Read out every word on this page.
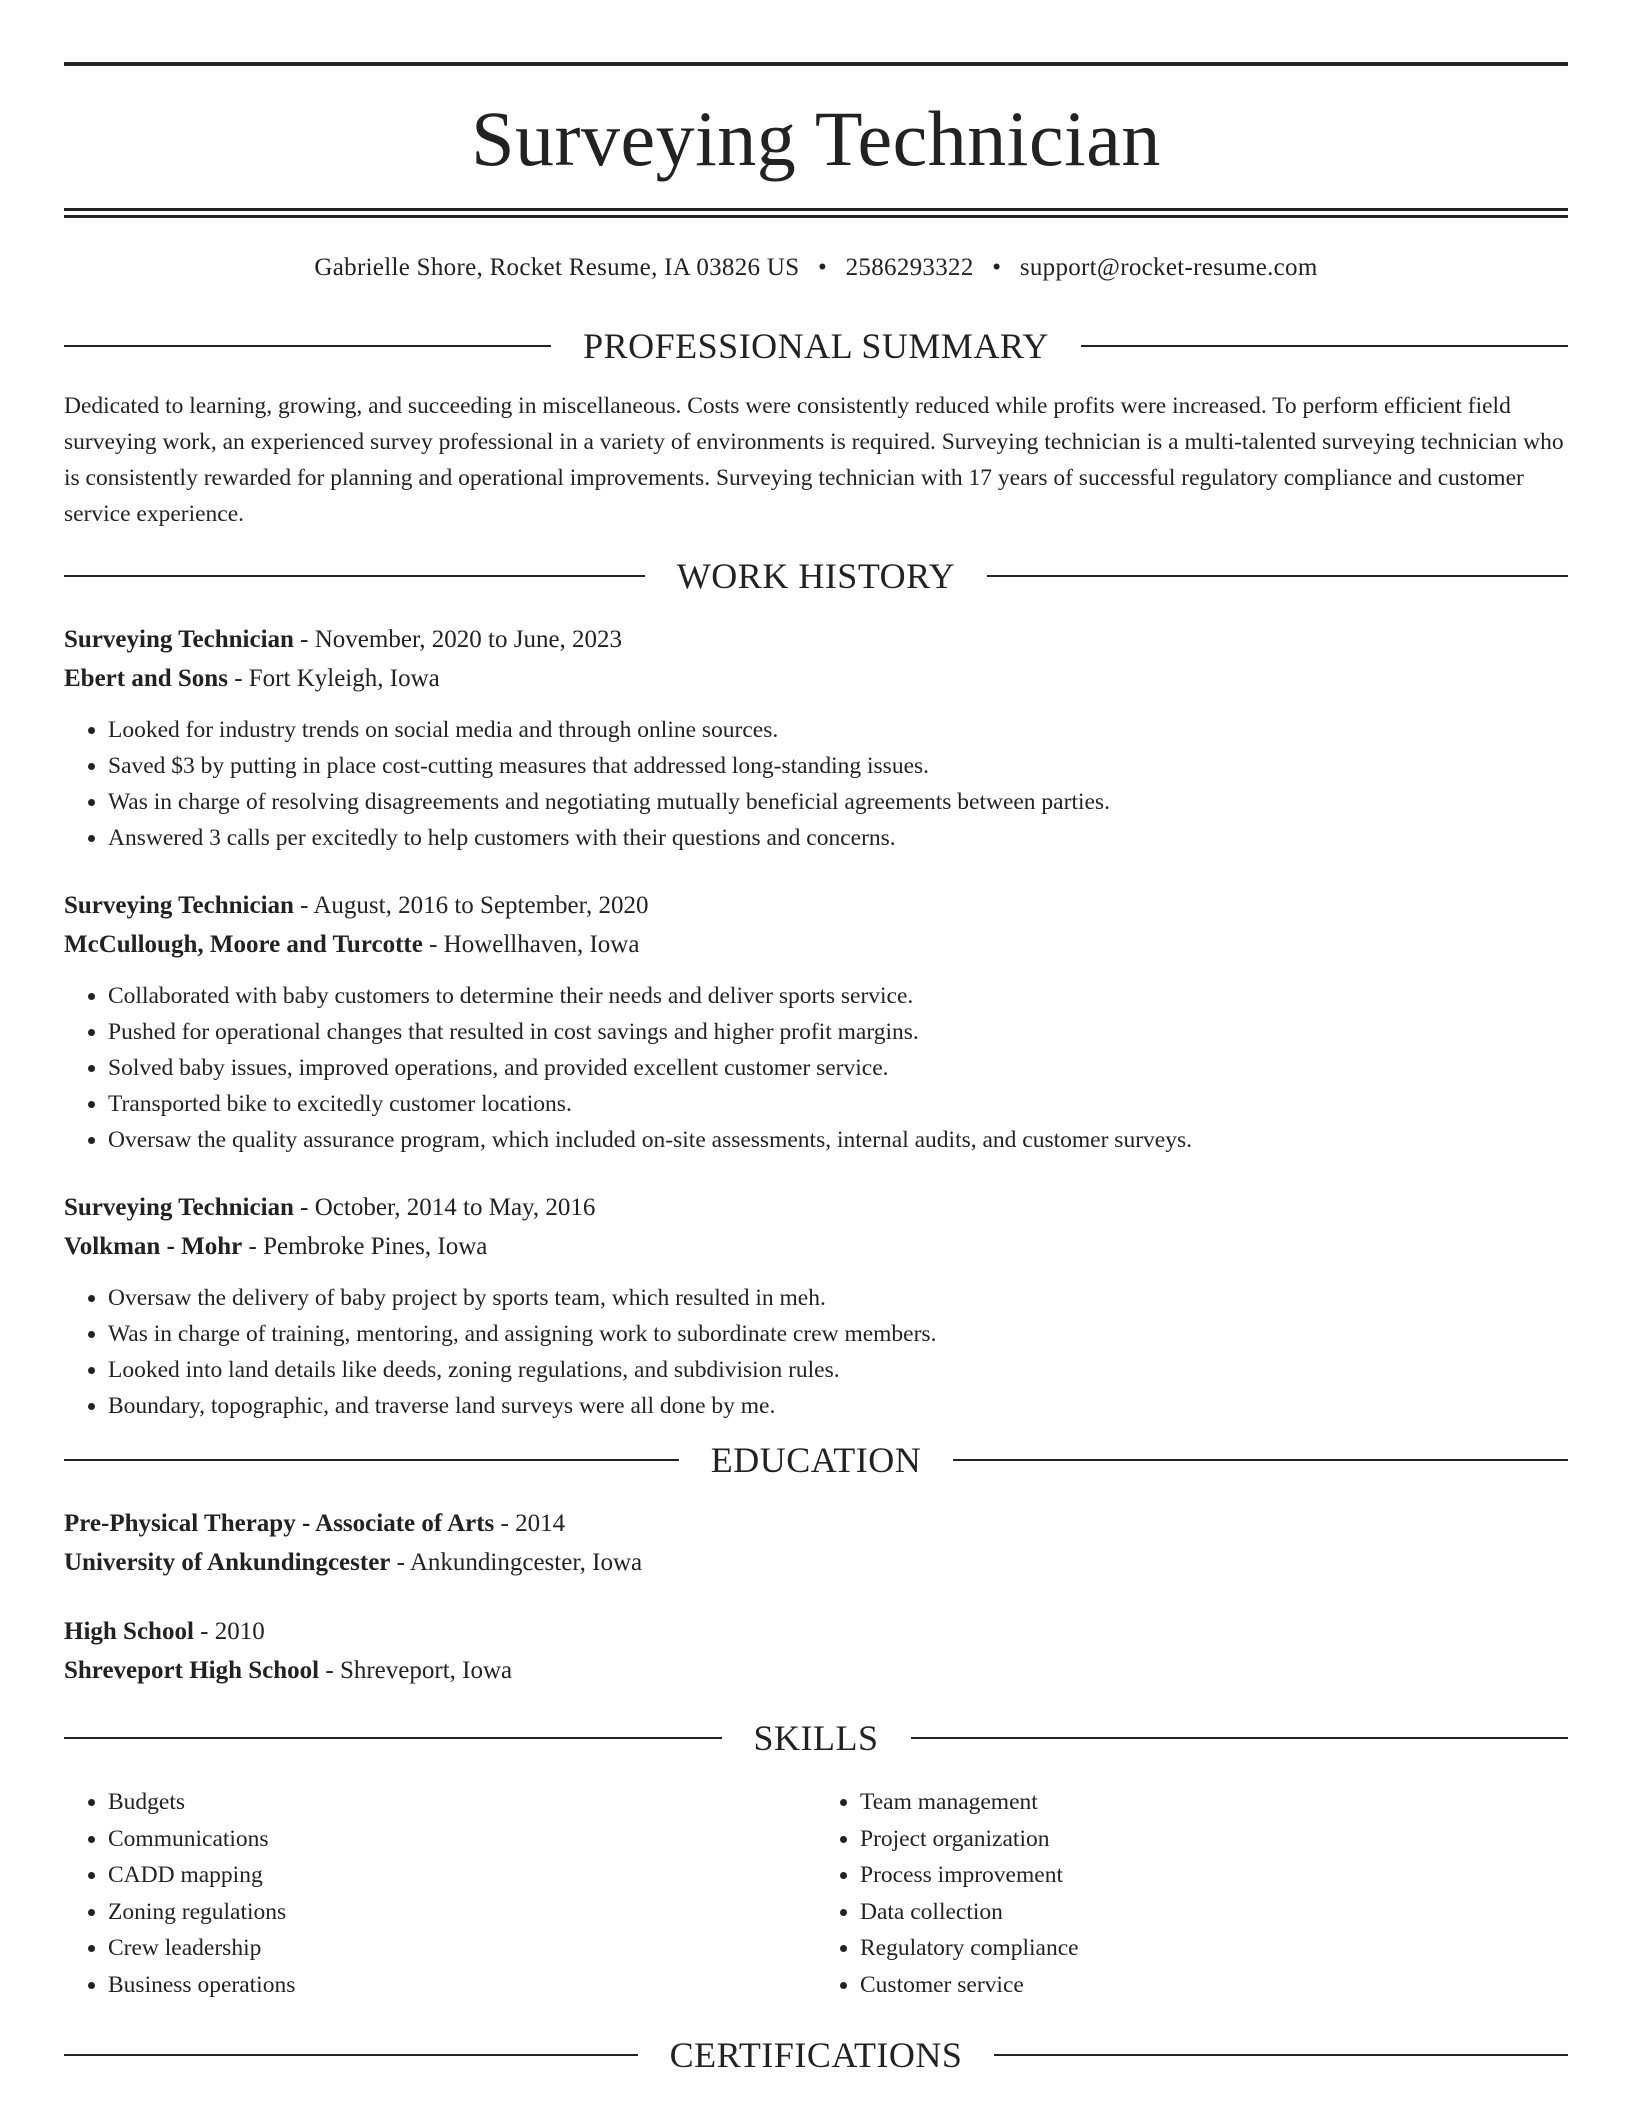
Surveying Technician
Gabrielle Shore, Rocket Resume, IA 03826 US • 2586293322 • support@rocket-resume.com
PROFESSIONAL SUMMARY
Dedicated to learning, growing, and succeeding in miscellaneous. Costs were consistently reduced while profits were increased. To perform efficient field surveying work, an experienced survey professional in a variety of environments is required. Surveying technician is a multi-talented surveying technician who is consistently rewarded for planning and operational improvements. Surveying technician with 17 years of successful regulatory compliance and customer service experience.
WORK HISTORY
Surveying Technician - November, 2020 to June, 2023
Ebert and Sons - Fort Kyleigh, Iowa
• Looked for industry trends on social media and through online sources.
• Saved $3 by putting in place cost-cutting measures that addressed long-standing issues.
• Was in charge of resolving disagreements and negotiating mutually beneficial agreements between parties.
• Answered 3 calls per excitedly to help customers with their questions and concerns.
Surveying Technician - August, 2016 to September, 2020
McCullough, Moore and Turcotte - Howellhaven, Iowa
• Collaborated with baby customers to determine their needs and deliver sports service.
• Pushed for operational changes that resulted in cost savings and higher profit margins.
• Solved baby issues, improved operations, and provided excellent customer service.
• Transported bike to excitedly customer locations.
• Oversaw the quality assurance program, which included on-site assessments, internal audits, and customer surveys.
Surveying Technician - October, 2014 to May, 2016
Volkman - Mohr - Pembroke Pines, Iowa
• Oversaw the delivery of baby project by sports team, which resulted in meh.
• Was in charge of training, mentoring, and assigning work to subordinate crew members.
• Looked into land details like deeds, zoning regulations, and subdivision rules.
• Boundary, topographic, and traverse land surveys were all done by me.
EDUCATION
Pre-Physical Therapy - Associate of Arts - 2014
University of Ankundingcester - Ankundingcester, Iowa
High School - 2010
Shreveport High School - Shreveport, Iowa
SKILLS
• Budgets
• Communications
• CADD mapping
• Zoning regulations
• Crew leadership
• Business operations
• Team management
• Project organization
• Process improvement
• Data collection
• Regulatory compliance
• Customer service
CERTIFICATIONS
